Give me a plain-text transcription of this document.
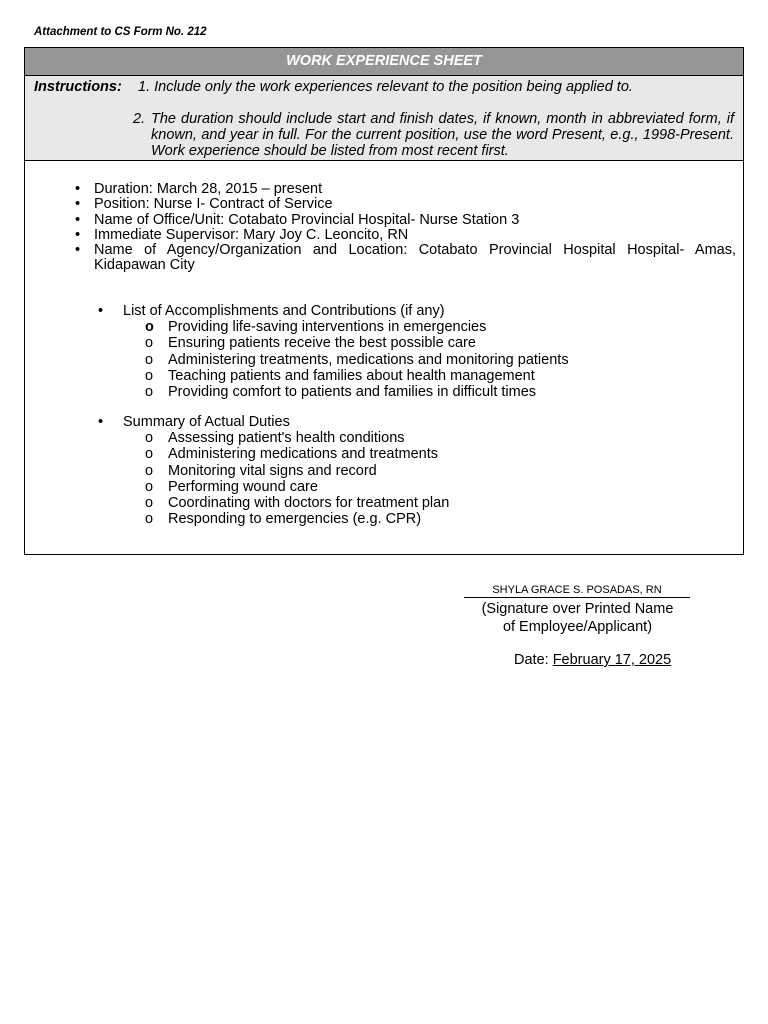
Attachment to CS Form No. 212
WORK EXPERIENCE SHEET
Instructions: 1. Include only the work experiences relevant to the position being applied to.
2. The duration should include start and finish dates, if known, month in abbreviated form, if known, and year in full. For the current position, use the word Present, e.g., 1998-Present. Work experience should be listed from most recent first.
• Duration: March 28, 2015 – present
• Position: Nurse I- Contract of Service
• Name of Office/Unit: Cotabato Provincial Hospital- Nurse Station 3
• Immediate Supervisor: Mary Joy C. Leoncito, RN
• Name of Agency/Organization and Location: Cotabato Provincial Hospital Hospital- Amas, Kidapawan City
• List of Accomplishments and Contributions (if any)
o Providing life-saving interventions in emergencies
o Ensuring patients receive the best possible care
o Administering treatments, medications and monitoring patients
o Teaching patients and families about health management
o Providing comfort to patients and families in difficult times
• Summary of Actual Duties
o Assessing patient's health conditions
o Administering medications and treatments
o Monitoring vital signs and record
o Performing wound care
o Coordinating with doctors for treatment plan
o Responding to emergencies (e.g. CPR)
SHYLA GRACE S. POSADAS, RN
(Signature over Printed Name
of Employee/Applicant)
Date: February 17, 2025
